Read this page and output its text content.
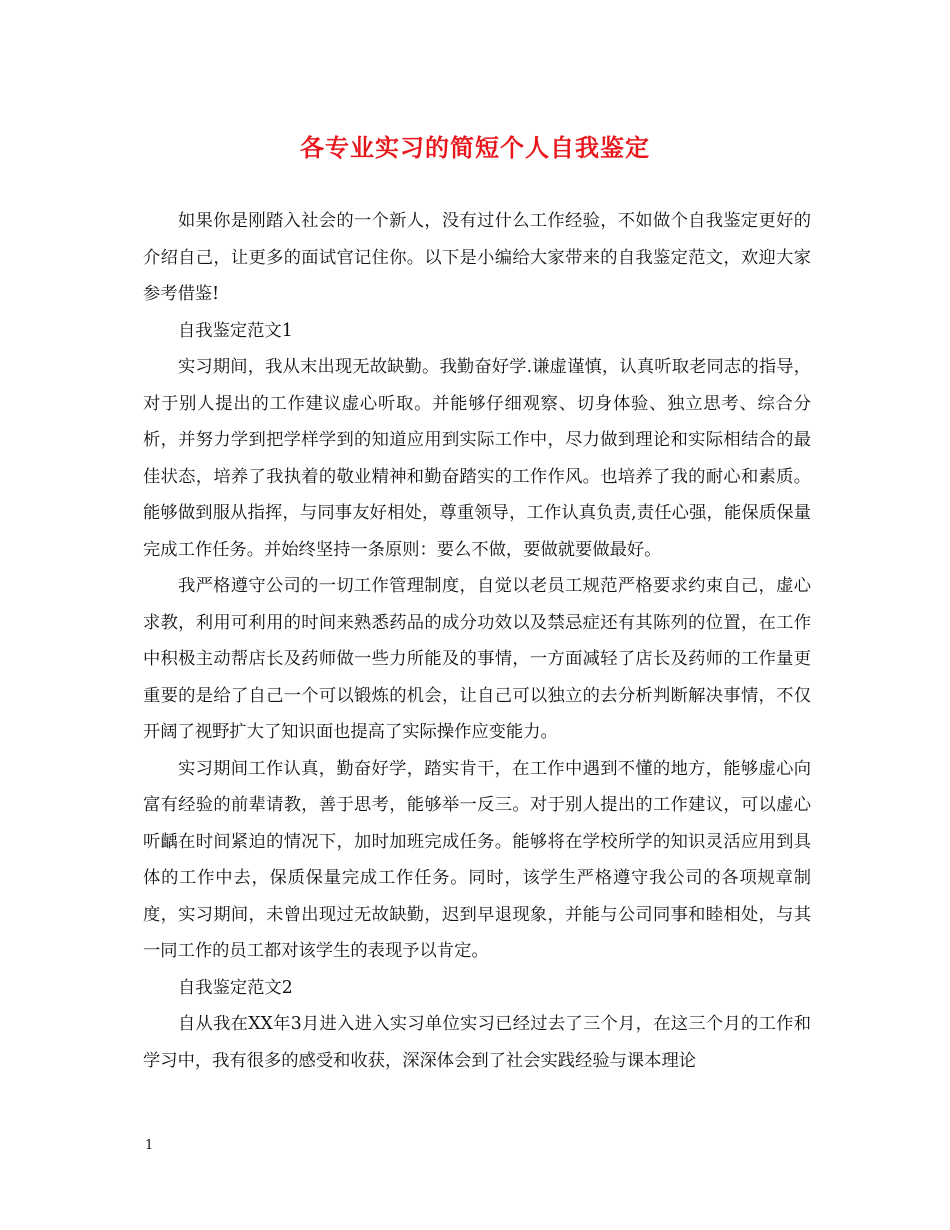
各专业实习的简短个人自我鉴定

如果你是刚踏入社会的一个新人，没有过什么工作经验，不如做个自我鉴定更好的介绍自己，让更多的面试官记住你。以下是小编给大家带来的自我鉴定范文，欢迎大家参考借鉴!

自我鉴定范文1

实习期间，我从末出现无故缺勤。我勤奋好学.谦虚谨慎，认真听取老同志的指导，对于别人提出的工作建议虚心听取。并能够仔细观察、切身体验、独立思考、综合分析，并努力学到把学样学到的知道应用到实际工作中，尽力做到理论和实际相结合的最佳状态，培养了我执着的敬业精神和勤奋踏实的工作作风。也培养了我的耐心和素质。能够做到服从指挥，与同事友好相处，尊重领导，工作认真负责,责任心强，能保质保量完成工作任务。并始终坚持一条原则：要么不做，要做就要做最好。

我严格遵守公司的一切工作管理制度，自觉以老员工规范严格要求约束自己，虚心求教，利用可利用的时间来熟悉药品的成分功效以及禁忌症还有其陈列的位置，在工作中积极主动帮店长及药师做一些力所能及的事情，一方面减轻了店长及药师的工作量更重要的是给了自己一个可以锻炼的机会，让自己可以独立的去分析判断解决事情，不仅开阔了视野扩大了知识面也提高了实际操作应变能力。

实习期间工作认真，勤奋好学，踏实肯干，在工作中遇到不懂的地方，能够虚心向富有经验的前辈请教，善于思考，能够举一反三。对于别人提出的工作建议，可以虚心听齲在时间紧迫的情况下，加时加班完成任务。能够将在学校所学的知识灵活应用到具体的工作中去，保质保量完成工作任务。同时，该学生严格遵守我公司的各项规章制度，实习期间，未曾出现过无故缺勤，迟到早退现象，并能与公司同事和睦相处，与其一同工作的员工都对该学生的表现予以肯定。

自我鉴定范文2

自从我在XX年3月进入进入实习单位实习已经过去了三个月，在这三个月的工作和学习中，我有很多的感受和收获，深深体会到了社会实践经验与课本理论

1
